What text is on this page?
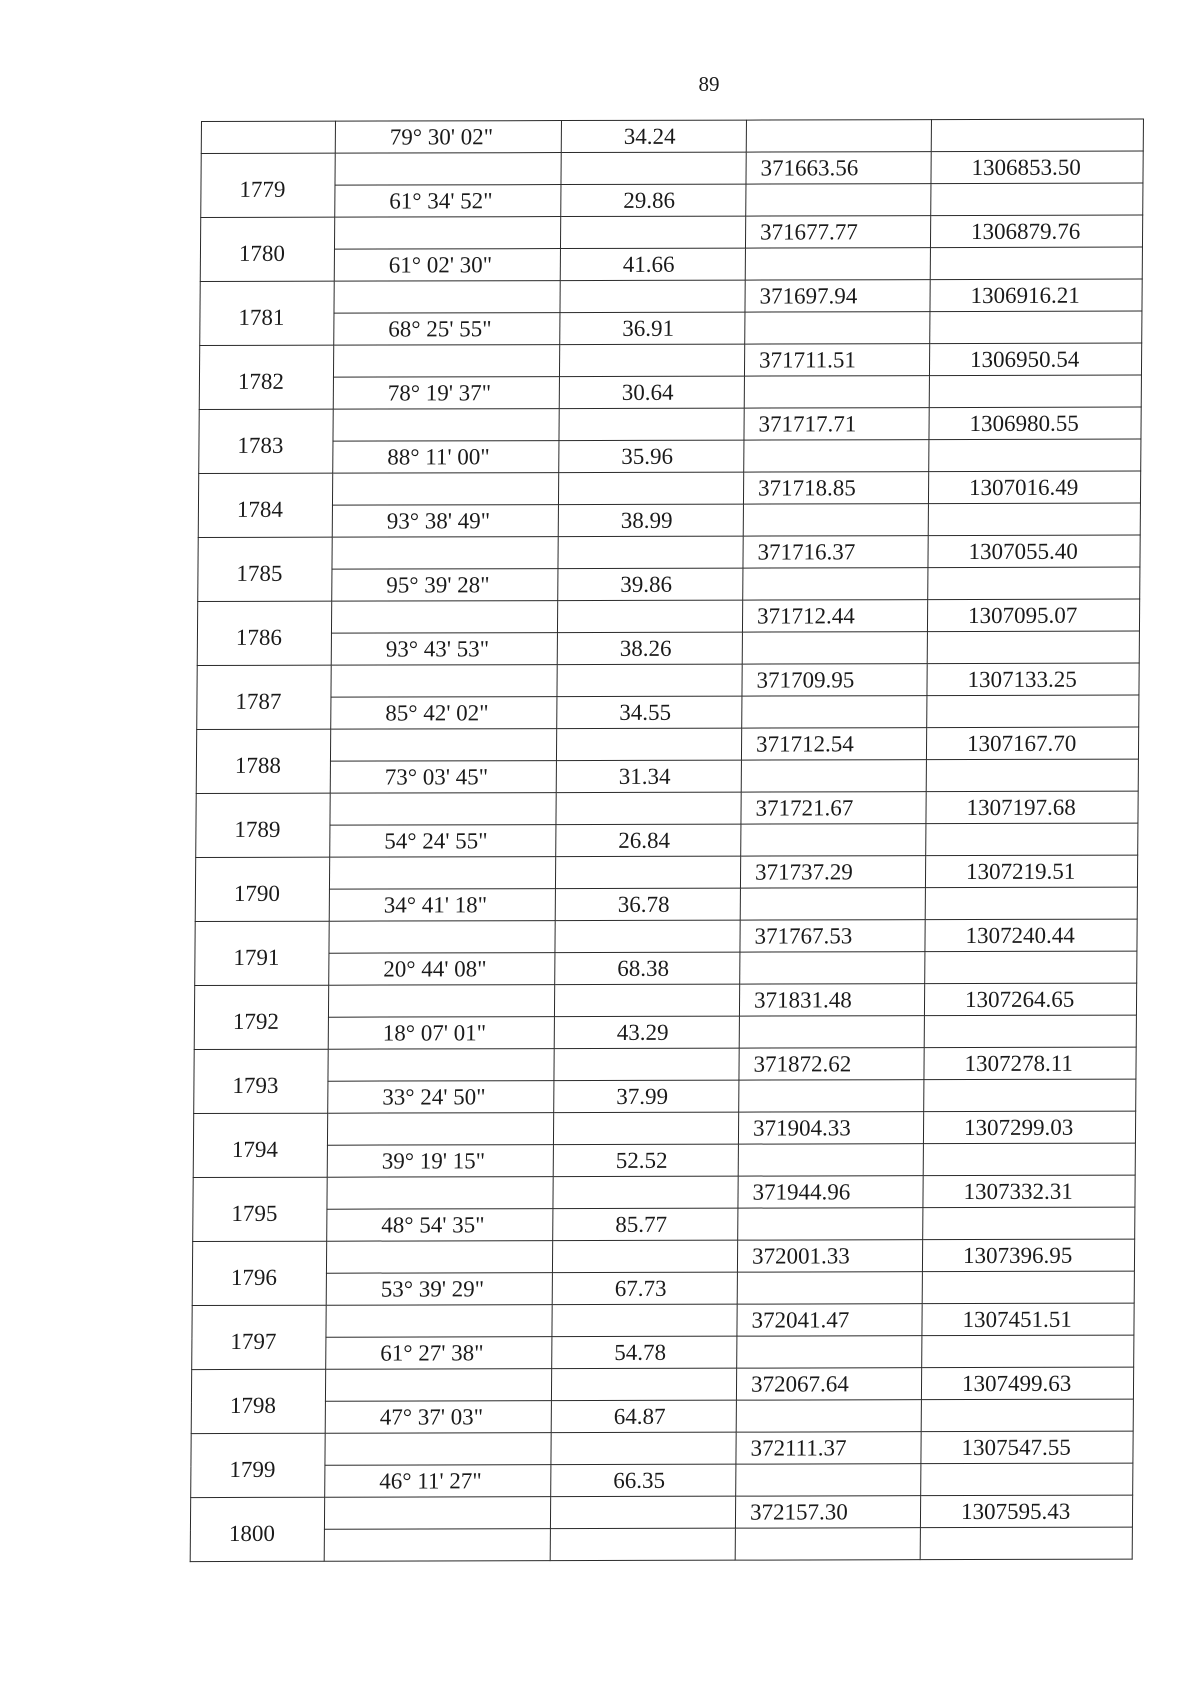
89
	79° 30' 02"	34.24		
1779			371663.56	1306853.50
	61° 34' 52"	29.86		
1780			371677.77	1306879.76
	61° 02' 30"	41.66		
1781			371697.94	1306916.21
	68° 25' 55"	36.91		
1782			371711.51	1306950.54
	78° 19' 37"	30.64		
1783			371717.71	1306980.55
	88° 11' 00"	35.96		
1784			371718.85	1307016.49
	93° 38' 49"	38.99		
1785			371716.37	1307055.40
	95° 39' 28"	39.86		
1786			371712.44	1307095.07
	93° 43' 53"	38.26		
1787			371709.95	1307133.25
	85° 42' 02"	34.55		
1788			371712.54	1307167.70
	73° 03' 45"	31.34		
1789			371721.67	1307197.68
	54° 24' 55"	26.84		
1790			371737.29	1307219.51
	34° 41' 18"	36.78		
1791			371767.53	1307240.44
	20° 44' 08"	68.38		
1792			371831.48	1307264.65
	18° 07' 01"	43.29		
1793			371872.62	1307278.11
	33° 24' 50"	37.99		
1794			371904.33	1307299.03
	39° 19' 15"	52.52		
1795			371944.96	1307332.31
	48° 54' 35"	85.77		
1796			372001.33	1307396.95
	53° 39' 29"	67.73		
1797			372041.47	1307451.51
	61° 27' 38"	54.78		
1798			372067.64	1307499.63
	47° 37' 03"	64.87		
1799			372111.37	1307547.55
	46° 11' 27"	66.35		
1800			372157.30	1307595.43
